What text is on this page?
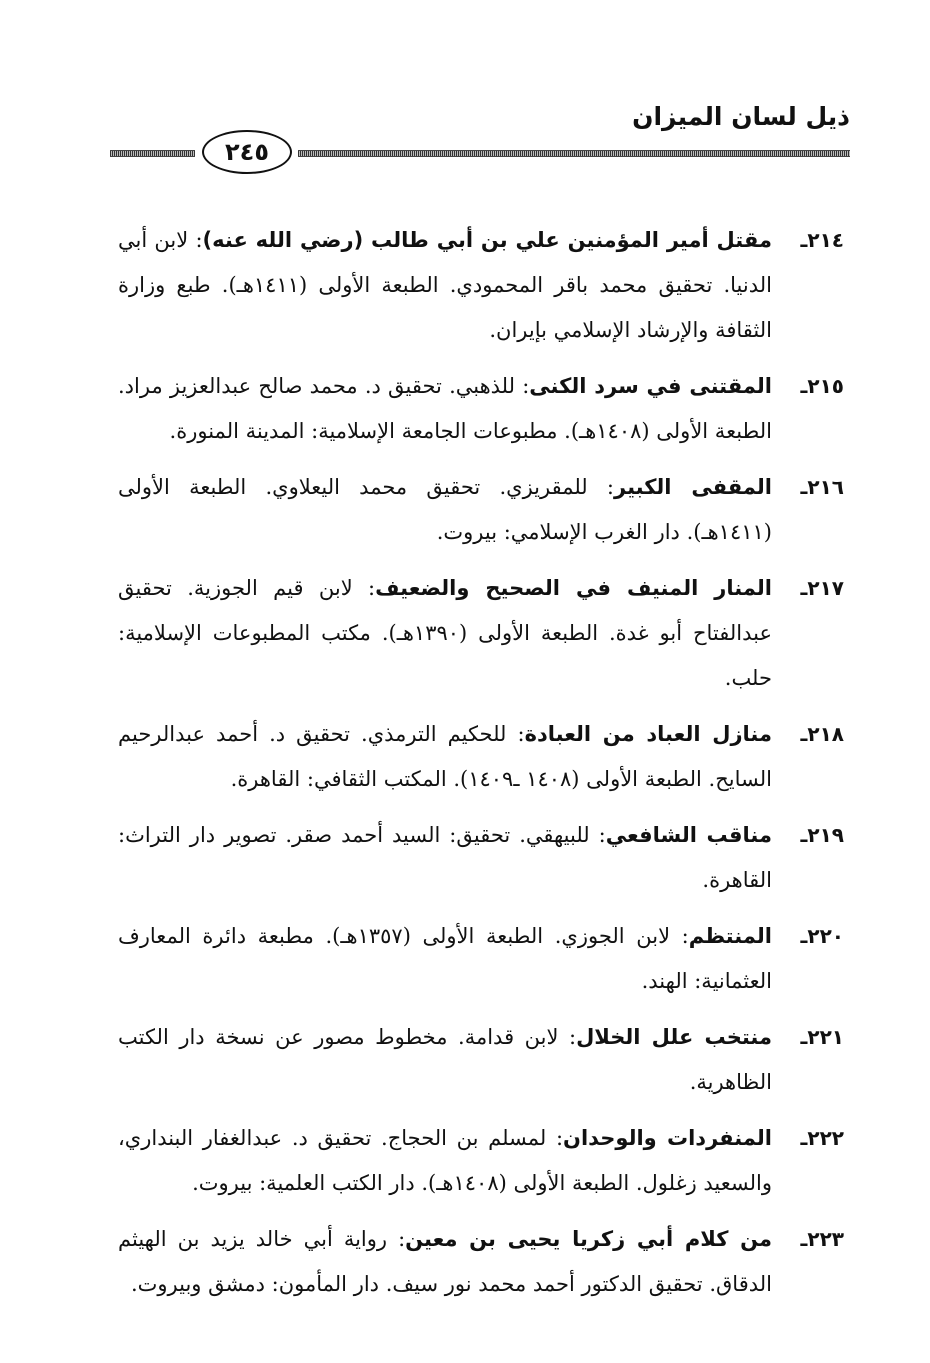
ذيل لسان الميزان
٢٤٥

٢١٤ـمقتل أمير المؤمنين علي بن أبي طالب (رضي الله عنه): لابن أبي الدنيا. تحقيق محمد باقر المحمودي. الطبعة الأولى (١٤١١هـ). طبع وزارة الثقافة والإرشاد الإسلامي بإيران.

٢١٥ـالمقتنى في سرد الكنى: للذهبي. تحقيق د. محمد صالح عبدالعزيز مراد. الطبعة الأولى (١٤٠٨هـ). مطبوعات الجامعة الإسلامية: المدينة المنورة.

٢١٦ـالمقفى الكبير: للمقريزي. تحقيق محمد اليعلاوي. الطبعة الأولى (١٤١١هـ). دار الغرب الإسلامي: بيروت.

٢١٧ـالمنار المنيف في الصحيح والضعيف: لابن قيم الجوزية. تحقيق عبدالفتاح أبو غدة. الطبعة الأولى (١٣٩٠هـ). مكتب المطبوعات الإسلامية: حلب.

٢١٨ـمنازل العباد من العبادة: للحكيم الترمذي. تحقيق د. أحمد عبدالرحيم السايح. الطبعة الأولى (١٤٠٨ ـ١٤٠٩). المكتب الثقافي: القاهرة.

٢١٩ـمناقب الشافعي: للبيهقي. تحقيق: السيد أحمد صقر. تصوير دار التراث: القاهرة.

٢٢٠ـالمنتظم: لابن الجوزي. الطبعة الأولى (١٣٥٧هـ). مطبعة دائرة المعارف العثمانية: الهند.

٢٢١ـمنتخب علل الخلال: لابن قدامة. مخطوط مصور عن نسخة دار الكتب الظاهرية.

٢٢٢ـالمنفردات والوحدان: لمسلم بن الحجاج. تحقيق د. عبدالغفار البنداري، والسعيد زغلول. الطبعة الأولى (١٤٠٨هـ). دار الكتب العلمية: بيروت.

٢٢٣ـمن كلام أبي زكريا يحيى بن معين: رواية أبي خالد يزيد بن الهيثم الدقاق. تحقيق الدكتور أحمد محمد نور سيف. دار المأمون: دمشق وبيروت.
